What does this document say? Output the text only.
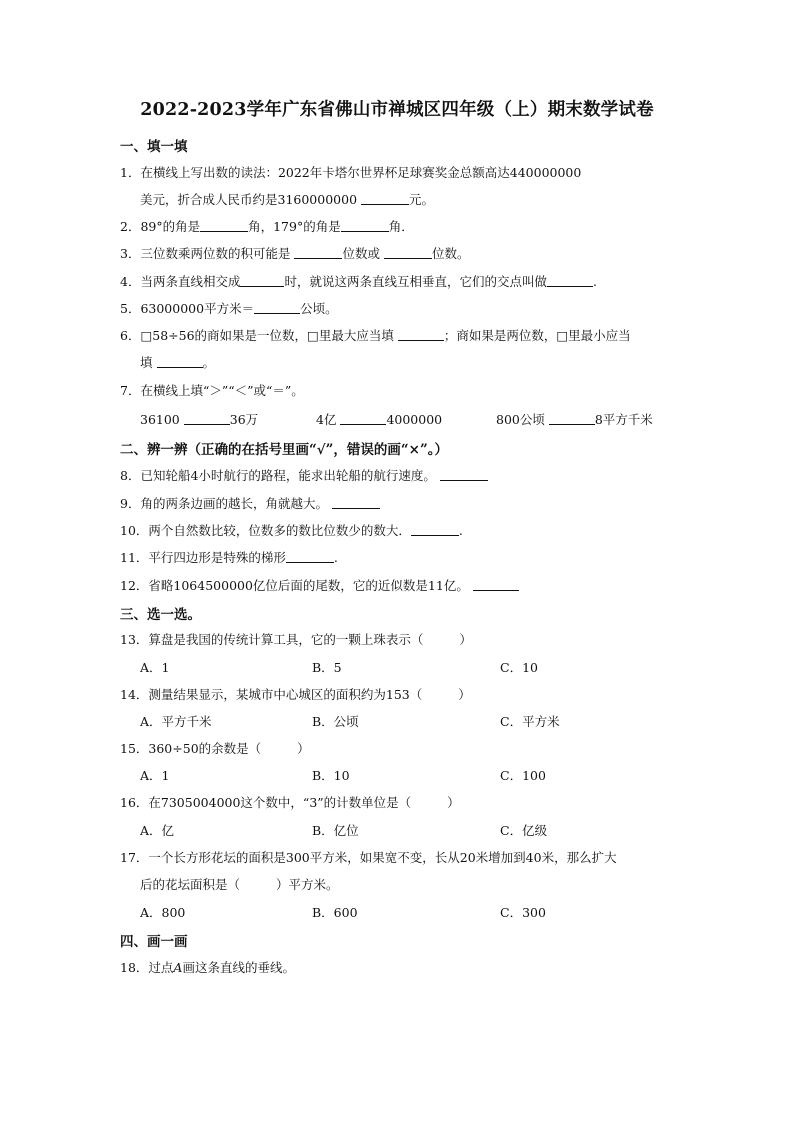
2022-2023学年广东省佛山市禅城区四年级（上）期末数学试卷
一、填一填
1．在横线上写出数的读法：2022年卡塔尔世界杯足球赛奖金总额高达440000000
美元，折合成人民币约是3160000000	元。
2．89°的角是	角，179°的角是	角．
3．三位数乘两位数的积可能是	位数或	位数。
4．当两条直线相交成	时，就说这两条直线互相垂直，它们的交点叫做	.
5．63000000平方米＝	公顷。
6．□58÷56的商如果是一位数，□里最大应当填	；商如果是两位数，□里最小应当
填	。
7．在横线上填“＞”“＜”或“＝”。
36100	36万	4亿	4000000	800公顷	8平方千米
二、辨一辨（正确的在括号里画“√”，错误的画“×”。）
8．已知轮船4小时航行的路程，能求出轮船的航行速度。
9．角的两条边画的越长，角就越大。
10．两个自然数比较，位数多的数比位数少的数大．	.
11．平行四边形是特殊的梯形	.
12．省略1064500000亿位后面的尾数，它的近似数是11亿。
三、选一选。
13．算盘是我国的传统计算工具，它的一颗上珠表示（	）
A．1	B．5	C．10
14．测量结果显示，某城市中心城区的面积约为153（	）
A．平方千米	B．公顷	C．平方米
15．360÷50的余数是（	）
A．1	B．10	C．100
16．在7305004000这个数中，“3”的计数单位是（	）
A．亿	B．亿位	C．亿级
17．一个长方形花坛的面积是300平方米，如果宽不变，长从20米增加到40米，那么扩大
后的花坛面积是（	）平方米。
A．800	B．600	C．300
四、画一画
18．过点A画这条直线的垂线。
